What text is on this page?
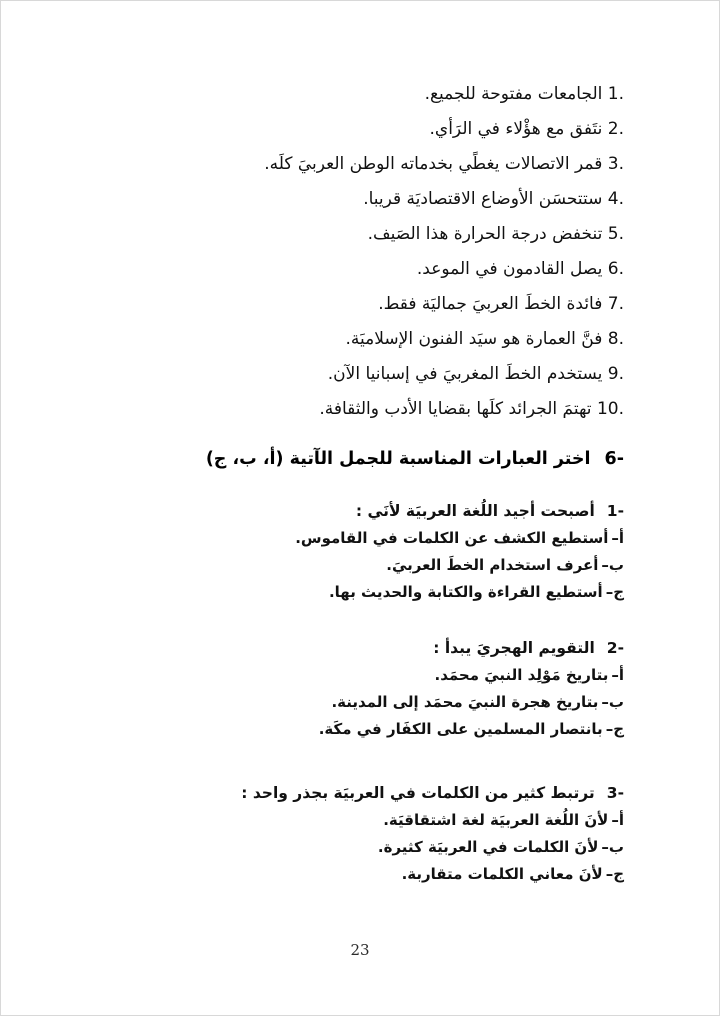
1. الجامعات مفتوحة للجميع.
2. نتَفق مع هؤْلاء في الرَأي.
3. قمر الاتصالات يغطًي بخدماته الوطن العربيَ كلَه.
4. ستتحسَن الأوضاع الاقتصاديَة قريبا.
5. تنخفض درجة الحرارة هذا الصَيف.
6. يصل القادمون في الموعد.
7. فائدة الخطَ العربيَ جماليَة فقط.
8. فنَّ العمارة هو سيَد الفنون الإسلاميَة.
9. يستخدم الخطَ المغربيَ في إسبانيا الآن.
10. تهتمَ الجرائد كلَها بقضايا الأدب والثقافة.
6-اختر العبارات المناسبة للجمل الآتية (أ، ب، ج)
1-أصبحت أجيد اللُغة العربيَة لأنَي :
أ–أستطيع الكشف عن الكلمات في القاموس.
ب–أعرف استخدام الخطَ العربيَ.
ج–أستطيع القراءة والكتابة والحديث بها.
2-التقويم الهجريَ يبدأ :
أ–بتاريخ مَوْلِد النبيَ محمَد.
ب–بتاريخ هجرة النبيَ محمَد إلى المدينة.
ج–بانتصار المسلمين على الكفَار في مكَة.
3-ترتبط كثير من الكلمات في العربيَة بجذر واحد :
أ–لأنَ اللُغة العربيَة لغة اشتقاقيَة.
ب–لأنَ الكلمات في العربيَة كثيرة.
ج–لأنَ معاني الكلمات متقاربة.
23
